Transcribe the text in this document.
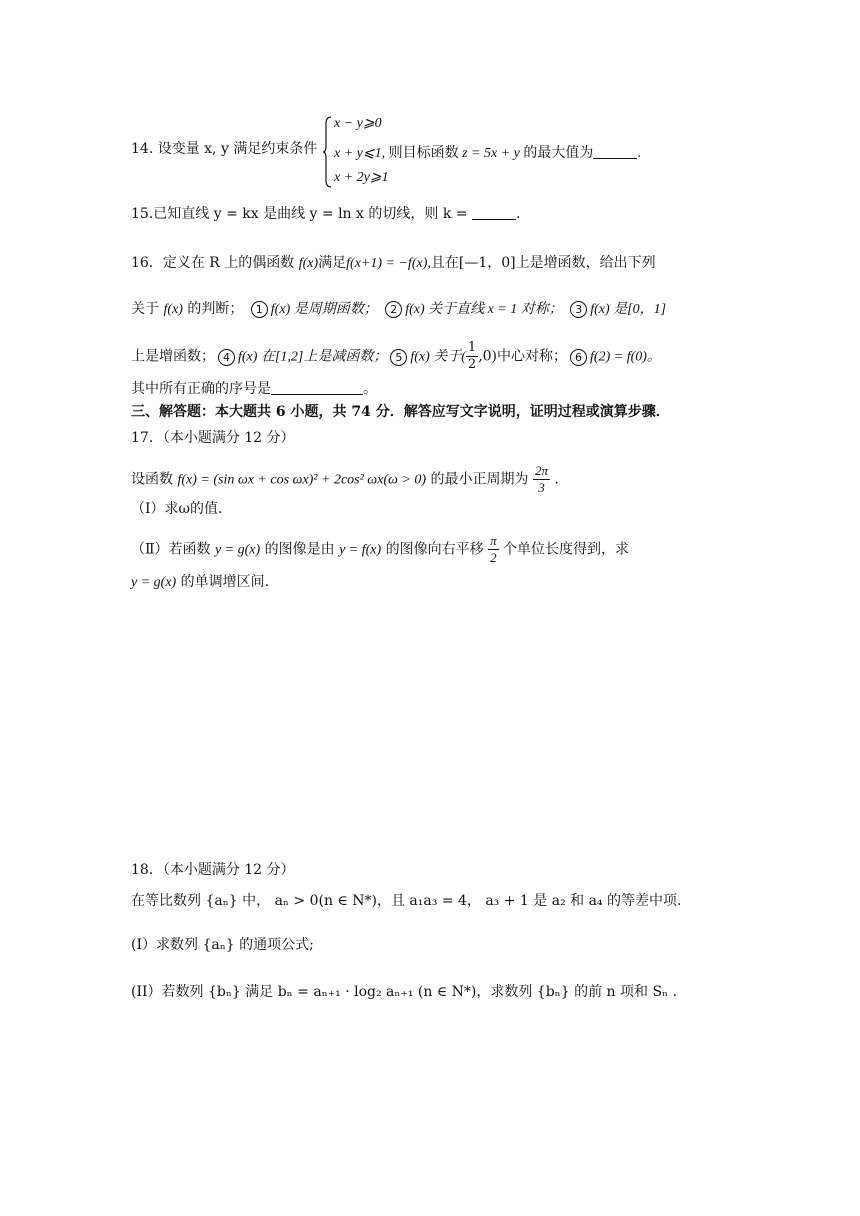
14. 设变量 x, y 满足约束条件
x − y⩾0
x + y⩽1, 则目标函数 z = 5x + y 的最大值为	.
x + 2y⩾1
15.已知直线 y = kx 是曲线 y = ln x 的切线，则 k =	.
16．定义在 R 上的偶函数 f(x)满足f(x+1) = −f(x),且在[—1，0]上是增函数，给出下列
关于 f(x) 的判断； 1 f(x) 是周期函数； 2 f(x) 关于直线 x = 1 对称； 3 f(x) 是[0，1]
上是增函数； 4 f(x) 在[1,2]上是减函数； 5 f(x) 关于( $\frac{1}{2} ,0$)中心对称； 6 f(2) = f(0)。
其中所有正确的序号是	。
三、解答题：本大题共 6 小题，共 74 分．解答应写文字说明，证明过程或演算步骤．
17．（本小题满分 12 分）
设函数 f(x) = (sin ωx + cos ωx)² + 2cos² ωx(ω > 0) 的最小正周期为 $\frac{2\pi}{3}$ .
（Ⅰ）求ω的值．
（Ⅱ）若函数 y = g(x) 的图像是由 y = f(x) 的图像向右平移 $\frac{\pi}{2}$ 个单位长度得到，求
y = g(x) 的单调增区间．
18．（本小题满分 12 分）
在等比数列 {aₙ} 中， aₙ > 0(n ∈ N*)，且 a₁a₃ = 4， a₃ + 1 是 a₂ 和 a₄ 的等差中项.
(I）求数列 {aₙ} 的通项公式;
(II）若数列 {bₙ} 满足 bₙ = aₙ₊₁ · log₂ aₙ₊₁ (n ∈ N*)，求数列 {bₙ} 的前 n 项和 Sₙ .
